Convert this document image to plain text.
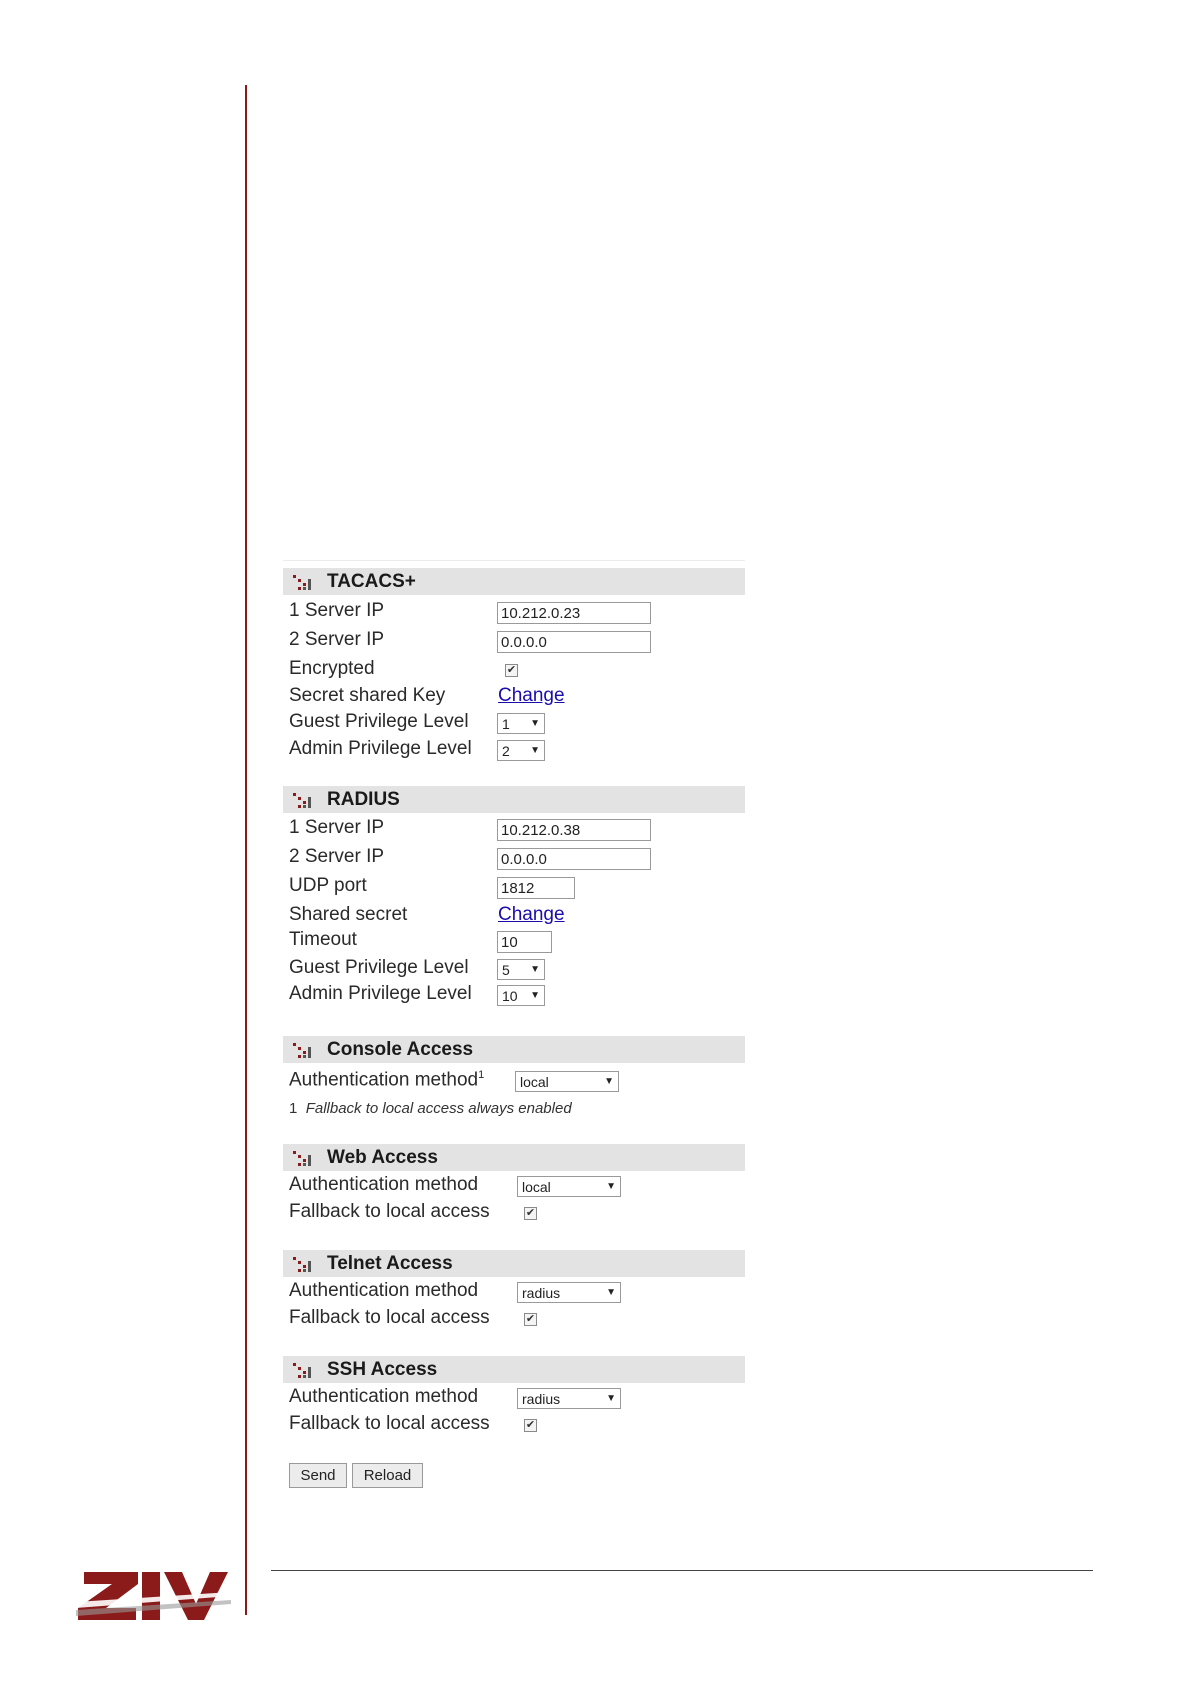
TACACS+
1 Server IP	10.212.0.23
2 Server IP	0.0.0.0
Encrypted	✔
Secret shared Key	Change
Guest Privilege Level 1 ▼
Admin Privilege Level 2 ▼
RADIUS
1 Server IP	10.212.0.38
2 Server IP	0.0.0.0
UDP port	1812
Shared secret	Change
Timeout	10
Guest Privilege Level 5 ▼
Admin Privilege Level 10 ▼
Console Access
Authentication method$^1$	local	▼
1 Fallback to local access always enabled
Web Access
Authentication method	local	▼
Fallback to local access	✔
Telnet Access
Authentication method	radius	▼
Fallback to local access	✔
SSH Access
Authentication method	radius	▼
Fallback to local access	✔
Send	Reload
